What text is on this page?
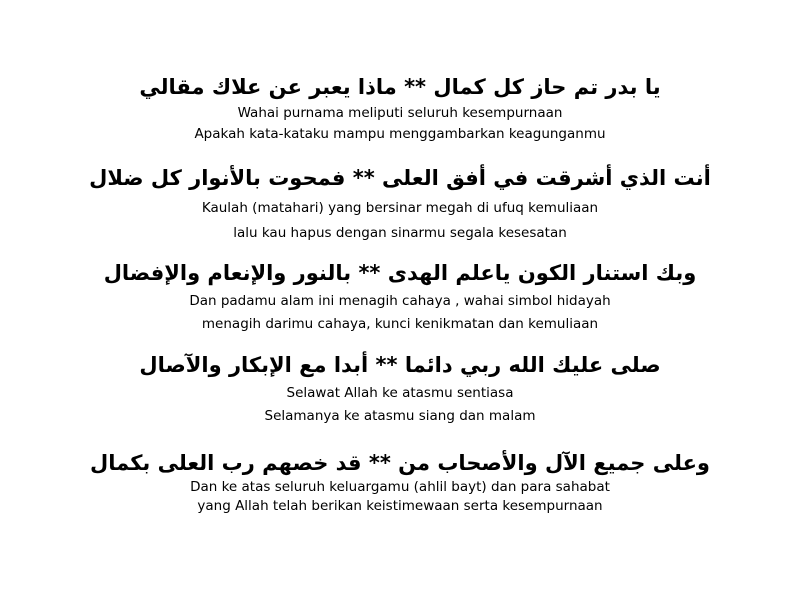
يا بدر تم حاز كل كمال ** ماذا يعبر عن علاك مقالي
Wahai purnama meliputi seluruh kesempurnaan
Apakah kata-kataku mampu menggambarkan keagunganmu
أنت الذي أشرقت في أفق العلى ** فمحوت بالأنوار كل ضلال
Kaulah (matahari) yang bersinar megah di ufuq kemuliaan
lalu kau hapus dengan sinarmu segala kesesatan
وبك استنار الكون ياعلم الهدى ** بالنور والإنعام والإفضال
Dan padamu alam ini menagih cahaya , wahai simbol hidayah
menagih darimu cahaya, kunci kenikmatan dan kemuliaan
صلى عليك الله ربي دائما ** أبدا مع الإبكار والآصال
Selawat Allah ke atasmu sentiasa
Selamanya ke atasmu siang dan malam
وعلى جميع الآل والأصحاب من ** قد خصهم رب العلى بكمال
Dan ke atas seluruh keluargamu (ahlil bayt) dan para sahabat
yang Allah telah berikan keistimewaan serta kesempurnaan
